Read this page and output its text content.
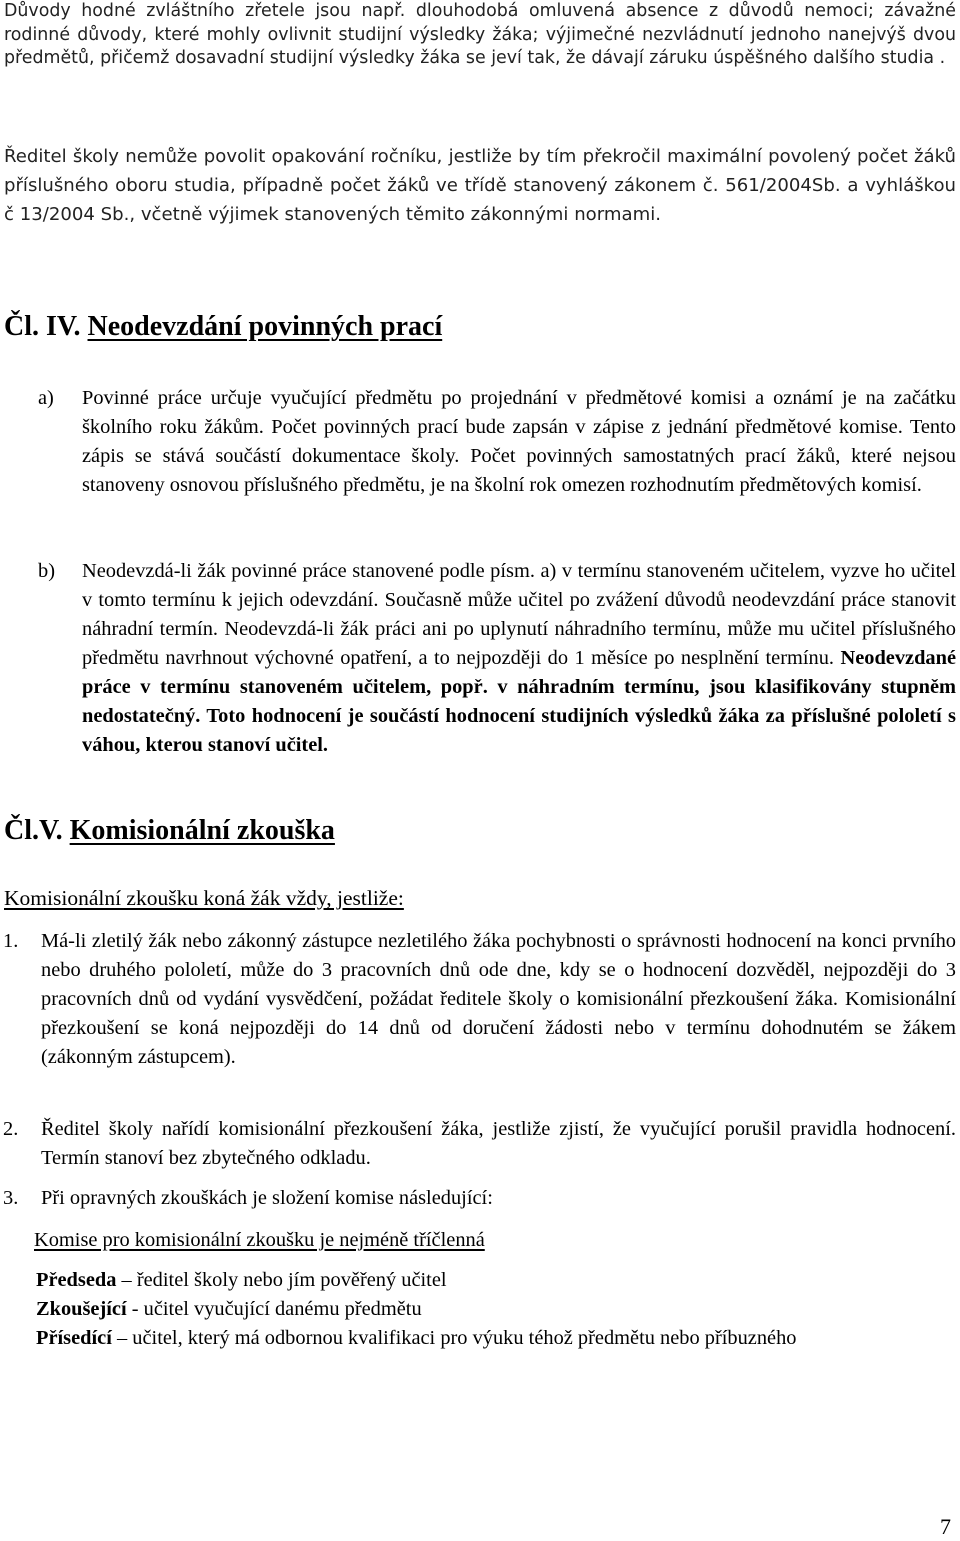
Důvody hodné zvláštního zřetele jsou např. dlouhodobá omluvená absence z důvodů nemoci; závažné rodinné důvody, které mohly ovlivnit studijní výsledky žáka; výjimečné nezvládnutí jednoho nanejvýš dvou předmětů, přičemž dosavadní studijní výsledky žáka se jeví tak, že dávají záruku úspěšného dalšího studia .

Ředitel školy nemůže povolit opakování ročníku, jestliže by tím překročil maximální povolený počet žáků příslušného oboru studia, případně počet žáků ve třídě stanovený zákonem č. 561/2004Sb. a vyhláškou č 13/2004 Sb., včetně výjimek stanovených těmito zákonnými normami.

Čl. IV. Neodevzdání povinných prací
a) Povinné práce určuje vyučující předmětu po projednání v předmětové komisi a oznámí je na začátku školního roku žákům. Počet povinných prací bude zapsán v zápise z jednání předmětové komise. Tento zápis se stává součástí dokumentace školy. Počet povinných samostatných prací žáků, které nejsou stanoveny osnovou příslušného předmětu, je na školní rok omezen rozhodnutím předmětových komisí.
b) Neodevzdá-li žák povinné práce stanovené podle písm. a) v termínu stanoveném učitelem, vyzve ho učitel v tomto termínu k jejich odevzdání. Současně může učitel po zvážení důvodů neodevzdání práce stanovit náhradní termín. Neodevzdá-li žák práci ani po uplynutí náhradního termínu, může mu učitel příslušného předmětu navrhnout výchovné opatření, a to nejpozději do 1 měsíce po nesplnění termínu. Neodevzdané práce v termínu stanoveném učitelem, popř. v náhradním termínu, jsou klasifikovány stupněm nedostatečný. Toto hodnocení je součástí hodnocení studijních výsledků žáka za příslušné pololetí s váhou, kterou stanoví učitel.
Čl.V. Komisionální zkouška

Komisionální zkoušku koná žák vždy, jestliže:

1. Má-li zletilý žák nebo zákonný zástupce nezletilého žáka pochybnosti o správnosti hodnocení na konci prvního nebo druhého pololetí, může do 3 pracovních dnů ode dne, kdy se o hodnocení dozvěděl, nejpozději do 3 pracovních dnů od vydání vysvědčení, požádat ředitele školy o komisionální přezkoušení žáka. Komisionální přezkoušení se koná nejpozději do 14 dnů od doručení žádosti nebo v termínu dohodnutém se žákem (zákonným zástupcem).
2. Ředitel školy nařídí komisionální přezkoušení žáka, jestliže zjistí, že vyučující porušil pravidla hodnocení. Termín stanoví bez zbytečného odkladu.
3. Při opravných zkouškách je složení komise následující:

Komise pro komisionální zkoušku je nejméně tříčlenná

Předseda – ředitel školy nebo jím pověřený učitel

Zkoušející - učitel vyučující danému předmětu

Přísedící – učitel, který má odbornou kvalifikaci pro výuku téhož předmětu nebo příbuzného

7
